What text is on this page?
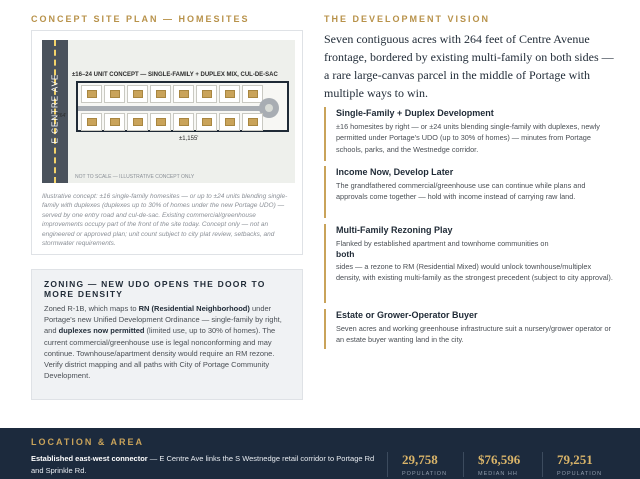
CONCEPT SITE PLAN — HOMESITES
E CENTRE AVE ±16–24 UNIT CONCEPT — SINGLE-FAMILY + DUPLEX MIX, CUL-DE-SAC
264'
±1,155'
NOT TO SCALE — ILLUSTRATIVE CONCEPT ONLY
Illustrative concept: ±16 single-family homesites — or up to ±24 units blending single-family with duplexes (duplexes up to 30% of homes under the new Portage UDO) — served by one entry road and cul-de-sac. Existing commercial/greenhouse improvements occupy part of the front of the site today. Concept only — not an engineered or approved plan; unit count subject to city plat review, setbacks, and stormwater requirements.
ZONING — NEW UDO OPENS THE DOOR TO MORE DENSITY

Zoned R-1B, which maps to RN (Residential Neighborhood) under Portage's new Unified Development Ordinance — single-family by right, and duplexes now permitted (limited use, up to 30% of homes). The current commercial/greenhouse use is legal nonconforming and may continue. Townhouse/apartment density would require an RM rezone. Verify district mapping and all paths with City of Portage Community Development.

THE DEVELOPMENT VISION
Seven contiguous acres with 264 feet of Centre Avenue frontage, bordered by existing multi-family on both sides — a rare large-canvas parcel in the middle of Portage with multiple ways to win.
Single-Family + Duplex Development

±16 homesites by right — or ±24 units blending single-family with duplexes, newly permitted under Portage's UDO (up to 30% of homes) — minutes from Portage schools, parks, and the Westnedge corridor.

Income Now, Develop Later

The grandfathered commercial/greenhouse use can continue while plans and approvals come together — hold with income instead of carrying raw land.

Multi-Family Rezoning Play

Flanked by established apartment and townhome communities on
both
sides — a rezone to RM (Residential Mixed) would unlock townhouse/multiplex density, with existing multi-family as the strongest precedent (subject to city approval).

Estate or Grower-Operator Buyer

Seven acres and working greenhouse infrastructure suit a nursery/grower operator or an estate buyer wanting land in the city.

LOCATION & AREA
Established east-west connector — E Centre Ave links the S Westnedge retail corridor to Portage Rd and Sprinkle Rd.
29,758
POPULATION
$76,596
MEDIAN HH
79,251
POPULATION
